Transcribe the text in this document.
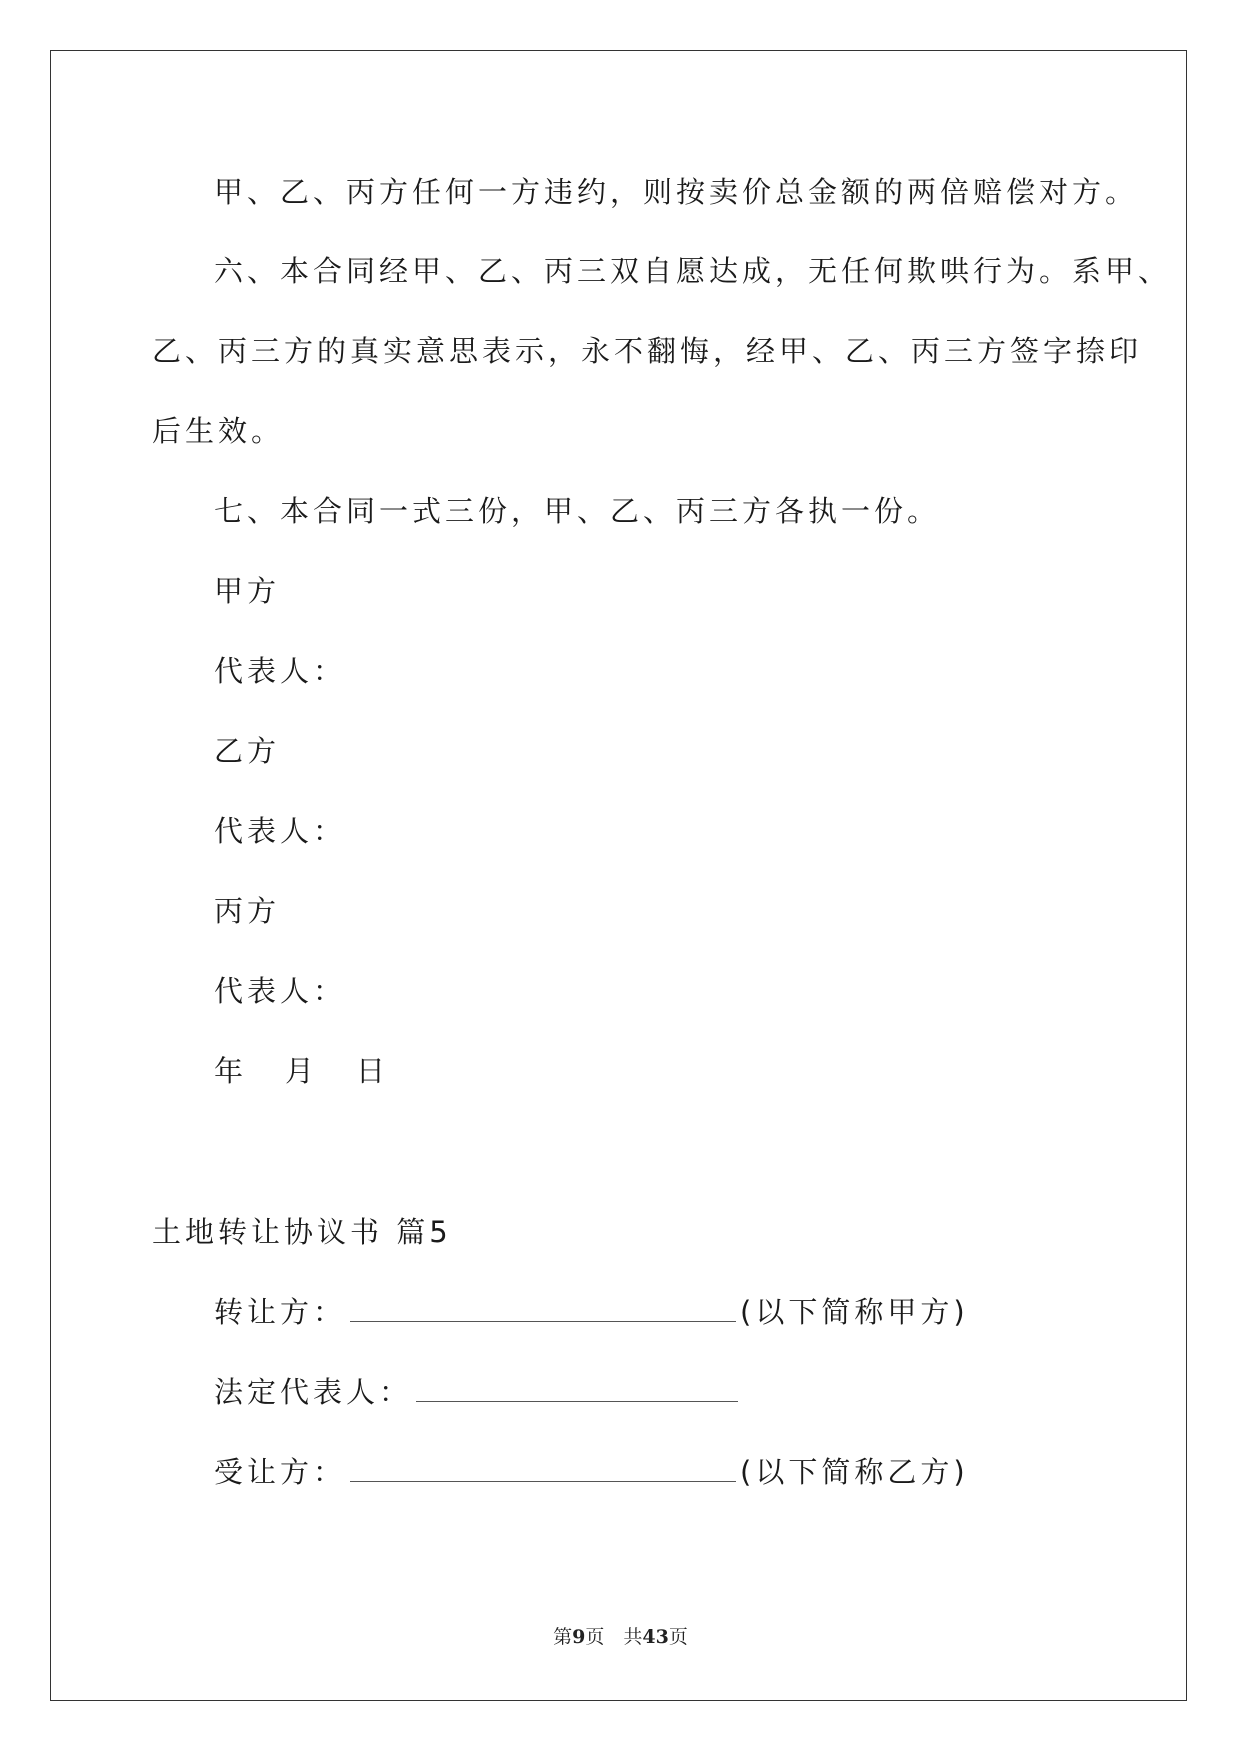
甲、乙、丙方任何一方违约，则按卖价总金额的两倍赔偿对方。
六、本合同经甲、乙、丙三双自愿达成，无任何欺哄行为。系甲、
乙、丙三方的真实意思表示，永不翻悔，经甲、乙、丙三方签字捺印
后生效。
七、本合同一式三份，甲、乙、丙三方各执一份。
甲方
代表人：
乙方
代表人：
丙方
代表人：
年 月 日
土地转让协议书 篇5
转让方：	(以下简称甲方)
法定代表人：
受让方：	(以下简称乙方)
第9页　共43页
